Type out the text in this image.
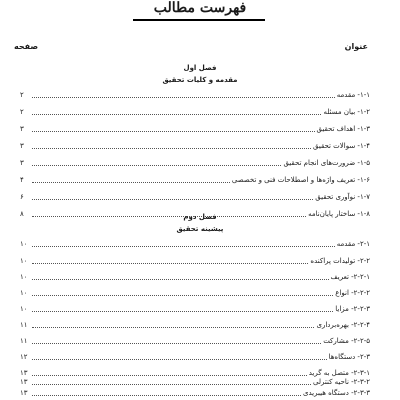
فهرست مطالب
عنوان
صفحه
فصل اول
مقدمه و کلیات تحقیق
۱-۱- مقدمه
۲
۱-۲- بیان مسئله
۲
۱-۳- اهداف تحقیق
۳
۱-۴- سوالات تحقیق
۳
۱-۵- ضرورت‌های انجام تحقیق
۳
۱-۶- تعریف واژه‌ها و اصطلاحات فنی و تخصصی
۴
۱-۷- نوآوری تحقیق
۶
۱-۸- ساختار پایان‌نامه
۸	فصل دوم
پیشینه تحقیق
۲-۱- مقدمه
۱۰
۲-۲- تولیدات پراکنده
۱۰
۲-۲-۱- تعریف
۱۰
۲-۲-۲- انواع
۱۰
۲-۲-۳- مزایا
۱۰
۲-۲-۴- بهره‌برداری
۱۱
۲-۲-۵- مشارکت
۱۱
۲-۳- دستگاه‌ها
۱۲
۲-۳-۱- متصل به گرید
۱۳
۲-۳-۲- ناحیه کنترلی
۱۳
۲-۳-۳- دستگاه هیبریدی
۱۳
